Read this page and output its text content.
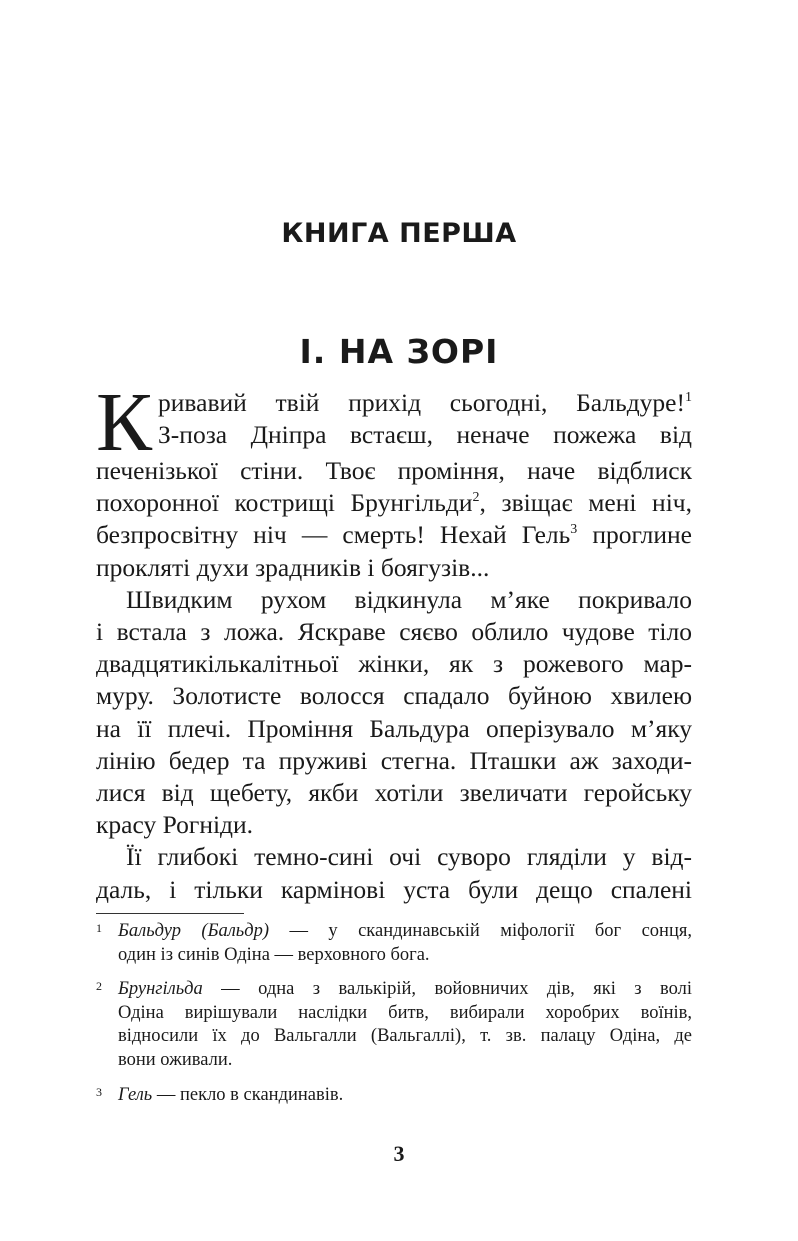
КНИГА ПЕРША
I. НА ЗОРІ

К ривавий твій прихід сьогодні, Бальдуре!$^1$
З-поза Дніпра встаєш, неначе пожежа від
печенізької стіни. Твоє проміння, наче відблиск
похоронної кострищі Брунгільди$^2$, звіщає мені ніч,
безпросвітну ніч — смерть! Нехай Гель$^3$ проглине
прокляті духи зрадників і боягузів...

Швидким рухом відкинула м’яке покривало
і встала з ложа. Яскраве сяєво облило чудове тіло
двадцятикількалітньої жінки, як з рожевого мар-
муру. Золотисте волосся спадало буйною хвилею
на її плечі. Проміння Бальдура оперізувало м’яку
лінію бедер та пруживі стегна. Пташки аж заходи-
лися від щебету, якби хотіли звеличати геройську
красу Рогніди.

Її глибокі темно-сині очі суворо гляділи у від-
даль, і тільки кармінові уста були дещо спалені

1 Бальдур (Бальдр) — у скандинавській міфології бог сонця,
один із синів Одіна — верховного бога.
2 Брунгільда — одна з валькірій, войовничих дів, які з волі
Одіна вирішували наслідки битв, вибирали хоробрих воїнів,
відносили їх до Вальгалли (Вальгаллі), т. зв. палацу Одіна, де
вони оживали.
3 Гель — пекло в скандинавів.
3
